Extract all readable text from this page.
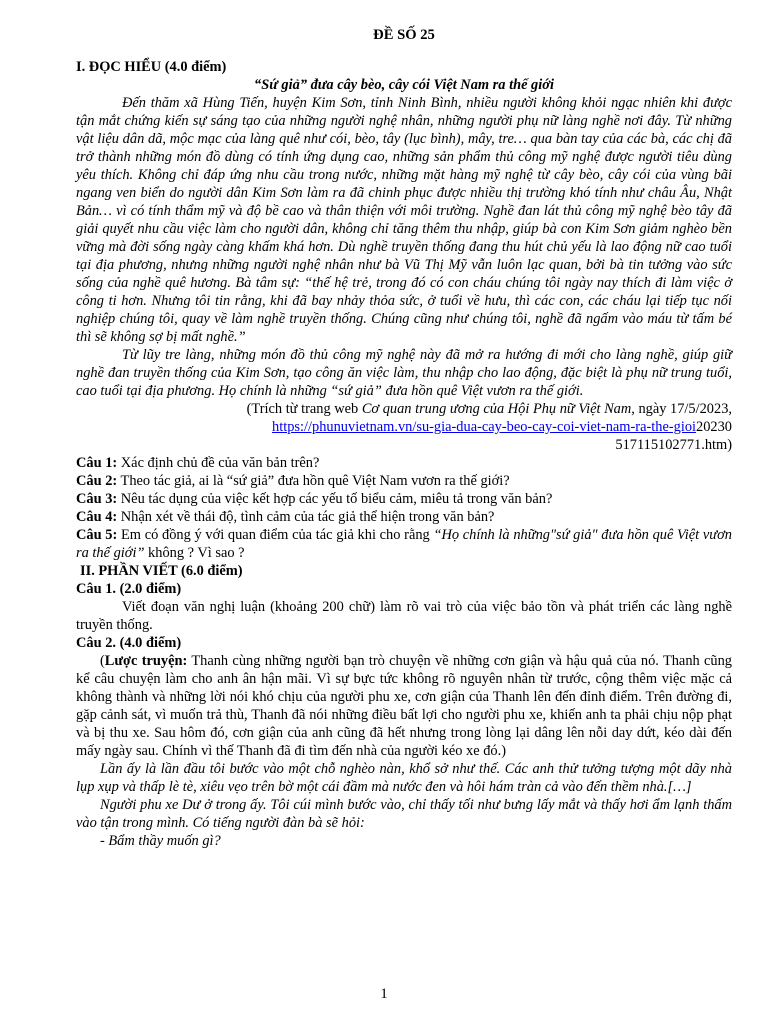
ĐỀ SỐ 25

I. ĐỌC HIỂU (4.0 điểm)

“Sứ giả” đưa cây bèo, cây cói Việt Nam ra thế giới

Đến thăm xã Hùng Tiến, huyện Kim Sơn, tỉnh Ninh Bình, nhiều người không khỏi ngạc nhiên khi được tận mắt chứng kiến sự sáng tạo của những người nghệ nhân, những người phụ nữ làng nghề nơi đây. Từ những vật liệu dân dã, mộc mạc của làng quê như cói, bèo, tây (lục bình), mây, tre… qua bàn tay của các bà, các chị đã trở thành những món đồ dùng có tính ứng dụng cao, những sản phẩm thủ công mỹ nghệ được người tiêu dùng yêu thích. Không chỉ đáp ứng nhu cầu trong nước, những mặt hàng mỹ nghệ từ cây bèo, cây cói của vùng bãi ngang ven biển do người dân Kim Sơn làm ra đã chinh phục được nhiều thị trường khó tính như châu Âu, Nhật Bản… vì có tính thẩm mỹ và độ bề cao và thân thiện với môi trường. Nghề đan lát thủ công mỹ nghệ bèo tây đã giải quyết nhu cầu việc làm cho người dân, không chỉ tăng thêm thu nhập, giúp bà con Kim Sơn giảm nghèo bền vững mà đời sống ngày càng khấm khá hơn. Dù nghề truyền thống đang thu hút chủ yếu là lao động nữ cao tuổi tại địa phương, nhưng những người nghệ nhân như bà Vũ Thị Mỹ vẫn luôn lạc quan, bởi bà tin tưởng vào sức sống của nghề quê hương. Bà tâm sự: “thế hệ trẻ, trong đó có con cháu chúng tôi ngày nay thích đi làm việc ở công ti hơn. Nhưng tôi tin rằng, khi đã bay nhảy thỏa sức, ở tuổi về hưu, thì các con, các cháu lại tiếp tục nối nghiệp chúng tôi, quay về làm nghề truyền thống. Chúng cũng như chúng tôi, nghề đã ngấm vào máu từ tấm bé thì sẽ không sợ bị mất nghề.”

Từ lũy tre làng, những món đồ thủ công mỹ nghệ này đã mở ra hướng đi mới cho làng nghề, giúp giữ nghề đan truyền thống của Kim Sơn, tạo công ăn việc làm, thu nhập cho lao động, đặc biệt là phụ nữ trung tuổi, cao tuổi tại địa phương. Họ chính là những “sứ giả” đưa hồn quê Việt vươn ra thế giới.

(Trích từ trang web Cơ quan trung ương của Hội Phụ nữ Việt Nam, ngày 17/5/2023,

https://phunuvietnam.vn/su-gia-dua-cay-beo-cay-coi-viet-nam-ra-the-gioi20230517115102771.htm)

Câu 1: Xác định chủ đề của văn bản trên?

Câu 2: Theo tác giả, ai là “sứ giả” đưa hồn quê Việt Nam vươn ra thế giới?

Câu 3: Nêu tác dụng của việc kết hợp các yếu tố biểu cảm, miêu tả trong văn bản?

Câu 4: Nhận xét về thái độ, tình cảm của tác giả thể hiện trong văn bản?

Câu 5: Em có đồng ý với quan điểm của tác giả khi cho rằng “Họ chính là những"sứ giả" đưa hồn quê Việt vươn ra thế giới” không ? Vì sao ?

II. PHẦN VIẾT (6.0 điểm)

Câu 1. (2.0 điểm)

Viết đoạn văn nghị luận (khoảng 200 chữ) làm rõ vai trò của việc bảo tồn và phát triển các làng nghề truyền thống.

Câu 2. (4.0 điểm)

(Lược truyện: Thanh cùng những người bạn trò chuyện về những cơn giận và hậu quả của nó. Thanh cũng kể câu chuyện làm cho anh ân hận mãi. Vì sự bực tức không rõ nguyên nhân từ trước, cộng thêm việc mặc cả không thành và những lời nói khó chịu của người phu xe, cơn giận của Thanh lên đến đỉnh điểm. Trên đường đi, gặp cảnh sát, vì muốn trả thù, Thanh đã nói những điều bất lợi cho người phu xe, khiến anh ta phải chịu nộp phạt và bị thu xe. Sau hôm đó, cơn giận của anh cũng đã hết nhưng trong lòng lại dâng lên nỗi day dứt, kéo dài đến mấy ngày sau. Chính vì thế Thanh đã đi tìm đến nhà của người kéo xe đó.)

Lần ấy là lần đầu tôi bước vào một chỗ nghèo nàn, khổ sở như thế. Các anh thử tưởng tượng một dãy nhà lụp xụp và thấp lè tè, xiêu vẹo trên bờ một cái đầm mà nước đen và hôi hám tràn cả vào đến thềm nhà.[…]

Người phu xe Dư ở trong ấy. Tôi cúi mình bước vào, chỉ thấy tối như bưng lấy mắt và thấy hơi ẩm lạnh thấm vào tận trong mình. Có tiếng người đàn bà sẽ hỏi:

- Bẩm thầy muốn gì?

1
